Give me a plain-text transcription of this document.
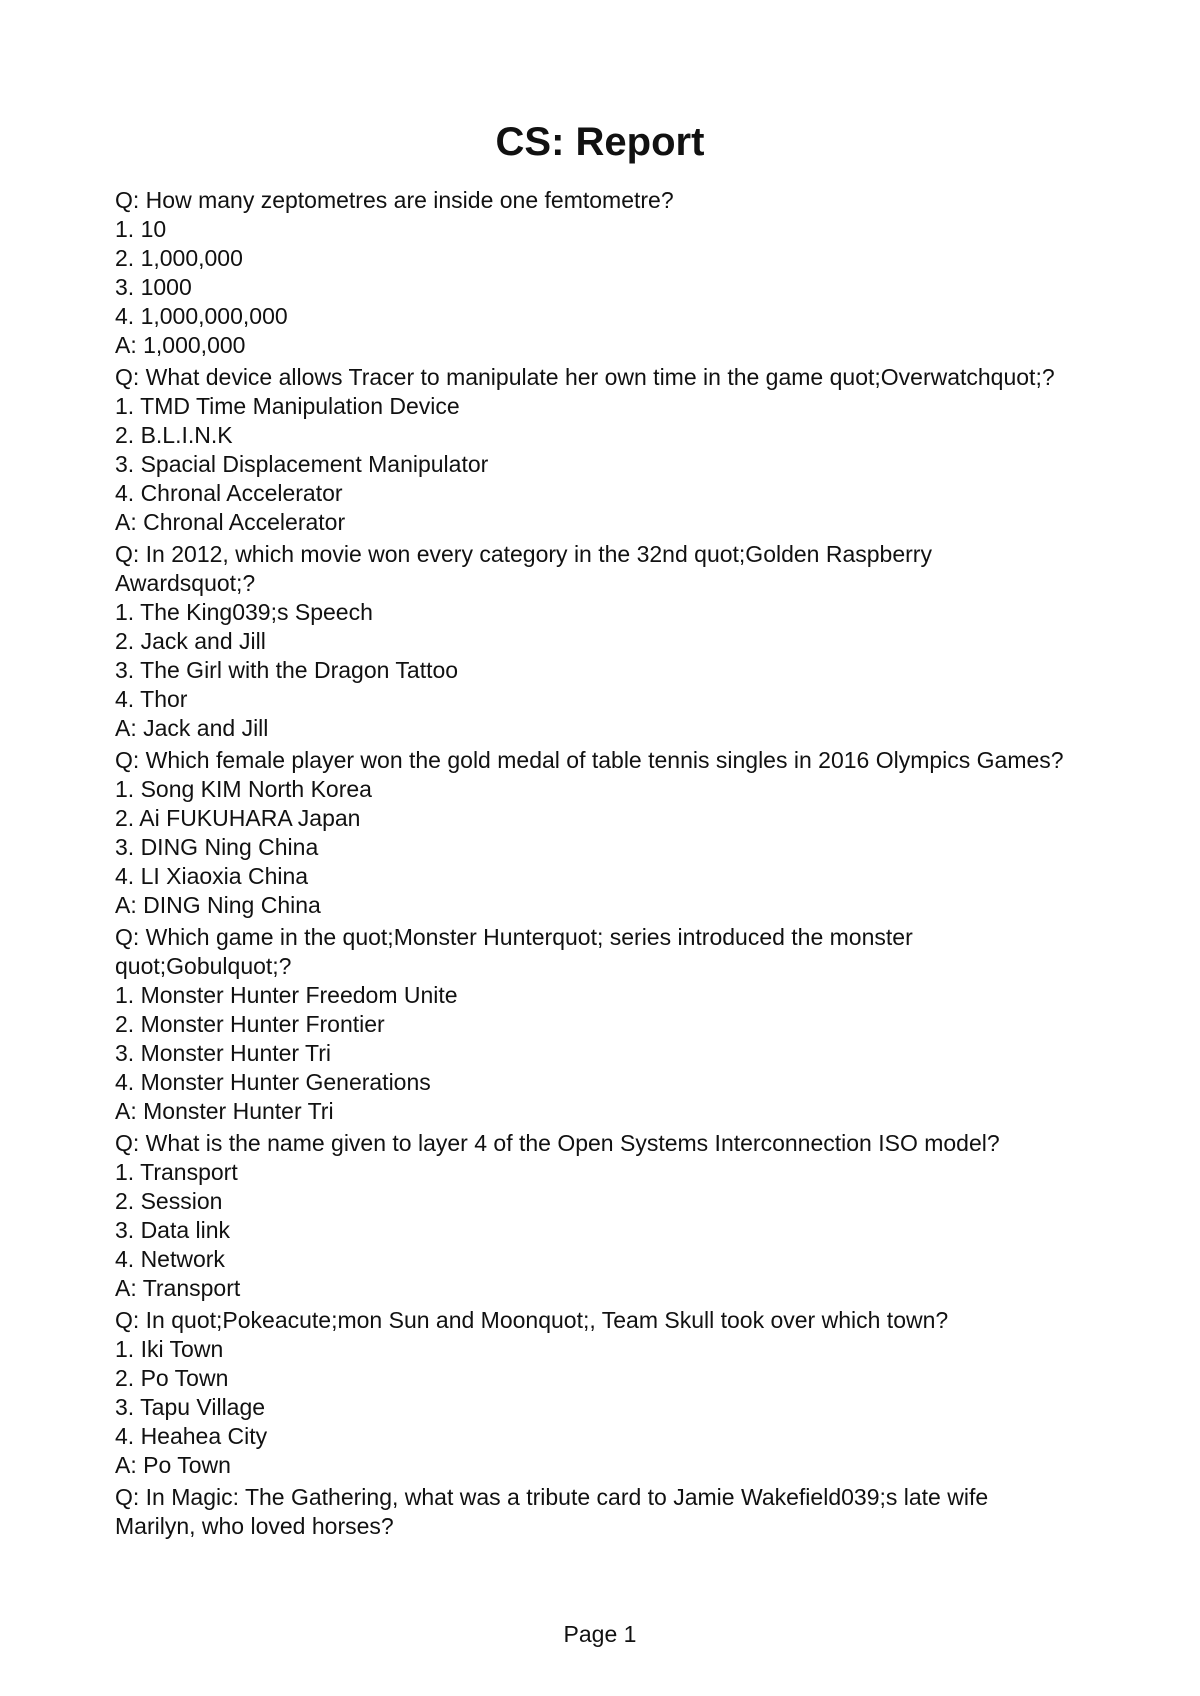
CS: Report

Q: How many zeptometres are inside one femtometre?

1. 10

2. 1,000,000

3. 1000

4. 1,000,000,000

A: 1,000,000

Q: What device allows Tracer to manipulate her own time in the game quot;Overwatchquot;?

1. TMD Time Manipulation Device

2. B.L.I.N.K

3. Spacial Displacement Manipulator

4. Chronal Accelerator

A: Chronal Accelerator

Q: In 2012, which movie won every category in the 32nd quot;Golden Raspberry Awardsquot;?

1. The King039;s Speech

2. Jack and Jill

3. The Girl with the Dragon Tattoo

4. Thor

A: Jack and Jill

Q: Which female player won the gold medal of table tennis singles in 2016 Olympics Games?

1. Song KIM North Korea

2. Ai FUKUHARA Japan

3. DING Ning China

4. LI Xiaoxia China

A: DING Ning China

Q: Which game in the quot;Monster Hunterquot; series introduced the monster quot;Gobulquot;?

1. Monster Hunter Freedom Unite

2. Monster Hunter Frontier

3. Monster Hunter Tri

4. Monster Hunter Generations

A: Monster Hunter Tri

Q: What is the name given to layer 4 of the Open Systems Interconnection ISO model?

1. Transport

2. Session

3. Data link

4. Network

A: Transport

Q: In quot;Pokeacute;mon Sun and Moonquot;, Team Skull took over which town?

1. Iki Town

2. Po Town

3. Tapu Village

4. Heahea City

A: Po Town

Q: In Magic: The Gathering, what was a tribute card to Jamie Wakefield039;s late wife Marilyn, who loved horses?

Page 1
